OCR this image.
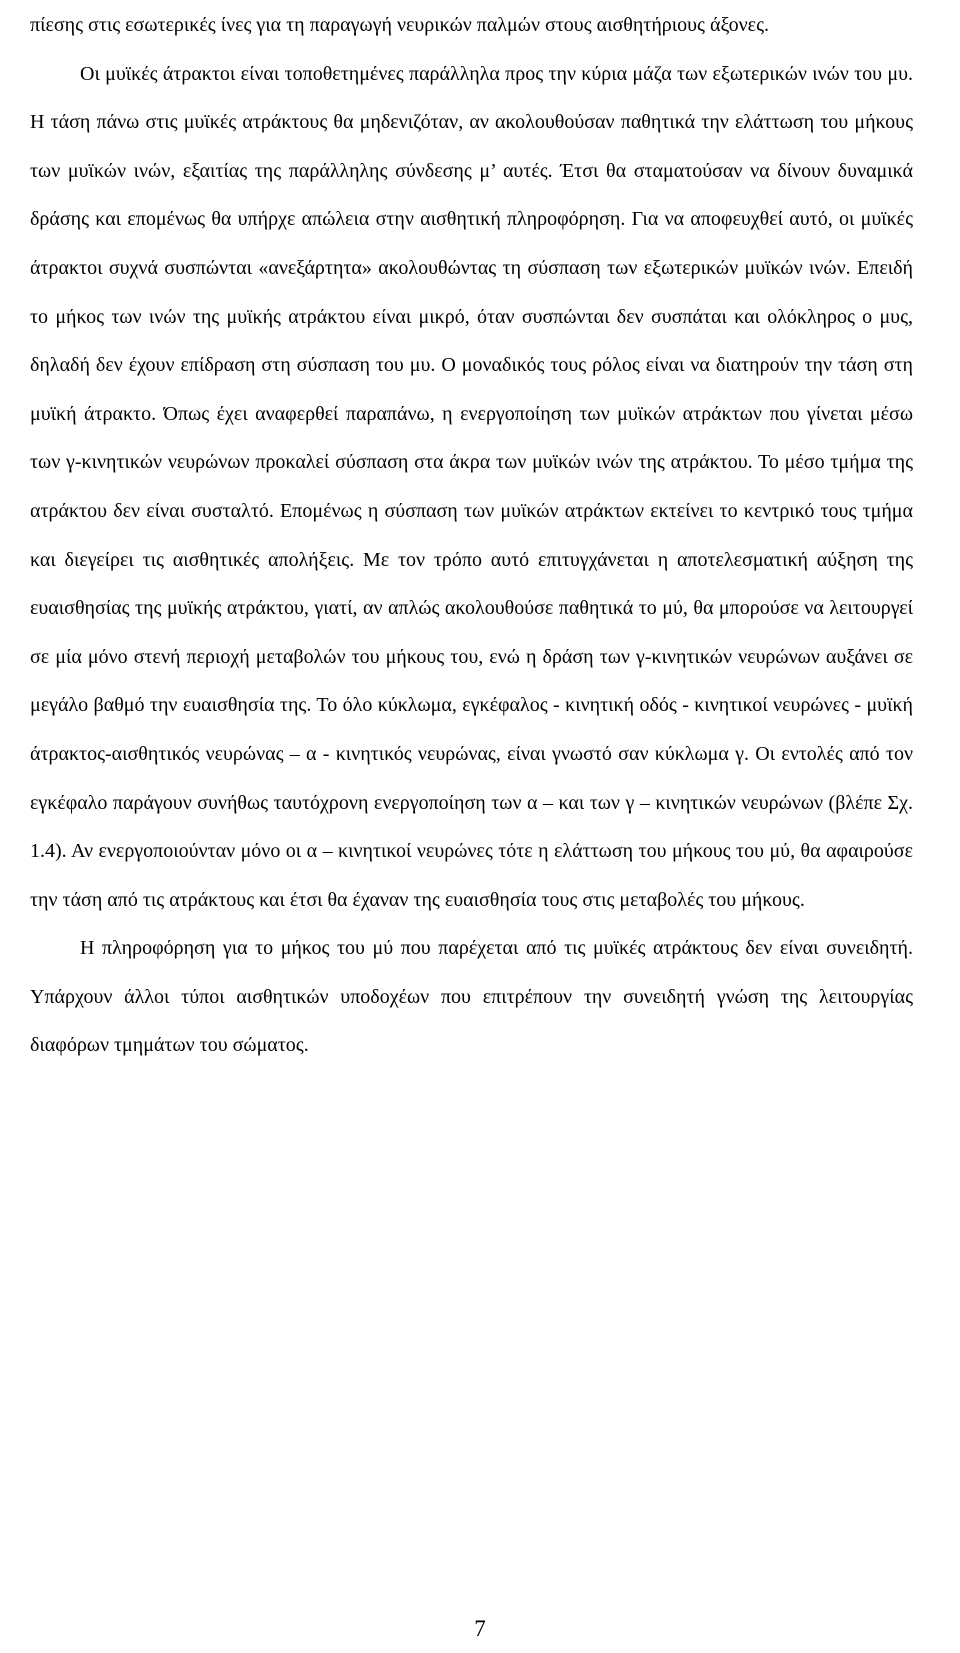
πίεσης στις εσωτερικές ίνες για τη παραγωγή νευρικών παλμών στους αισθητήριους άξονες.

Οι μυϊκές άτρακτοι είναι τοποθετημένες παράλληλα προς την κύρια μάζα των εξωτερικών ινών του μυ. Η τάση πάνω στις μυϊκές ατράκτους θα μηδενιζόταν, αν ακολουθούσαν παθητικά την ελάττωση του μήκους των μυϊκών ινών, εξαιτίας της παράλληλης σύνδεσης μ’ αυτές. Έτσι θα σταματούσαν να δίνουν δυναμικά δράσης και επομένως θα υπήρχε απώλεια στην αισθητική πληροφόρηση. Για να αποφευχθεί αυτό, οι μυϊκές άτρακτοι συχνά συσπώνται «ανεξάρτητα» ακολουθώντας τη σύσπαση των εξωτερικών μυϊκών ινών. Επειδή το μήκος των ινών της μυϊκής ατράκτου είναι μικρό, όταν συσπώνται δεν συσπάται και ολόκληρος ο μυς, δηλαδή δεν έχουν επίδραση στη σύσπαση του μυ. Ο μοναδικός τους ρόλος είναι να διατηρούν την τάση στη μυϊκή άτρακτο. Όπως έχει αναφερθεί παραπάνω, η ενεργοποίηση των μυϊκών ατράκτων που γίνεται μέσω των γ-κινητικών νευρώνων προκαλεί σύσπαση στα άκρα των μυϊκών ινών της ατράκτου. Το μέσο τμήμα της ατράκτου δεν είναι συσταλτό. Επομένως η σύσπαση των μυϊκών ατράκτων εκτείνει το κεντρικό τους τμήμα και διεγείρει τις αισθητικές απολήξεις. Με τον τρόπο αυτό επιτυγχάνεται η αποτελεσματική αύξηση της ευαισθησίας της μυϊκής ατράκτου, γιατί, αν απλώς ακολουθούσε παθητικά το μύ, θα μπορούσε να λειτουργεί σε μία μόνο στενή περιοχή μεταβολών του μήκους του, ενώ η δράση των γ-κινητικών νευρώνων αυξάνει σε μεγάλο βαθμό την ευαισθησία της. Το όλο κύκλωμα, εγκέφαλος - κινητική οδός - κινητικοί νευρώνες - μυϊκή άτρακτος-αισθητικός νευρώνας – α - κινητικός νευρώνας, είναι γνωστό σαν κύκλωμα γ. Οι εντολές από τον εγκέφαλο παράγουν συνήθως ταυτόχρονη ενεργοποίηση των α – και των γ – κινητικών νευρώνων (βλέπε Σχ. 1.4). Αν ενεργοποιούνταν μόνο οι α – κινητικοί νευρώνες τότε η ελάττωση του μήκους του μύ, θα αφαιρούσε την τάση από τις ατράκτους και έτσι θα έχαναν της ευαισθησία τους στις μεταβολές του μήκους.

Η πληροφόρηση για το μήκος του μύ που παρέχεται από τις μυϊκές ατράκτους δεν είναι συνειδητή. Υπάρχουν άλλοι τύποι αισθητικών υποδοχέων που επιτρέπουν την συνειδητή γνώση της λειτουργίας διαφόρων τμημάτων του σώματος.

7
